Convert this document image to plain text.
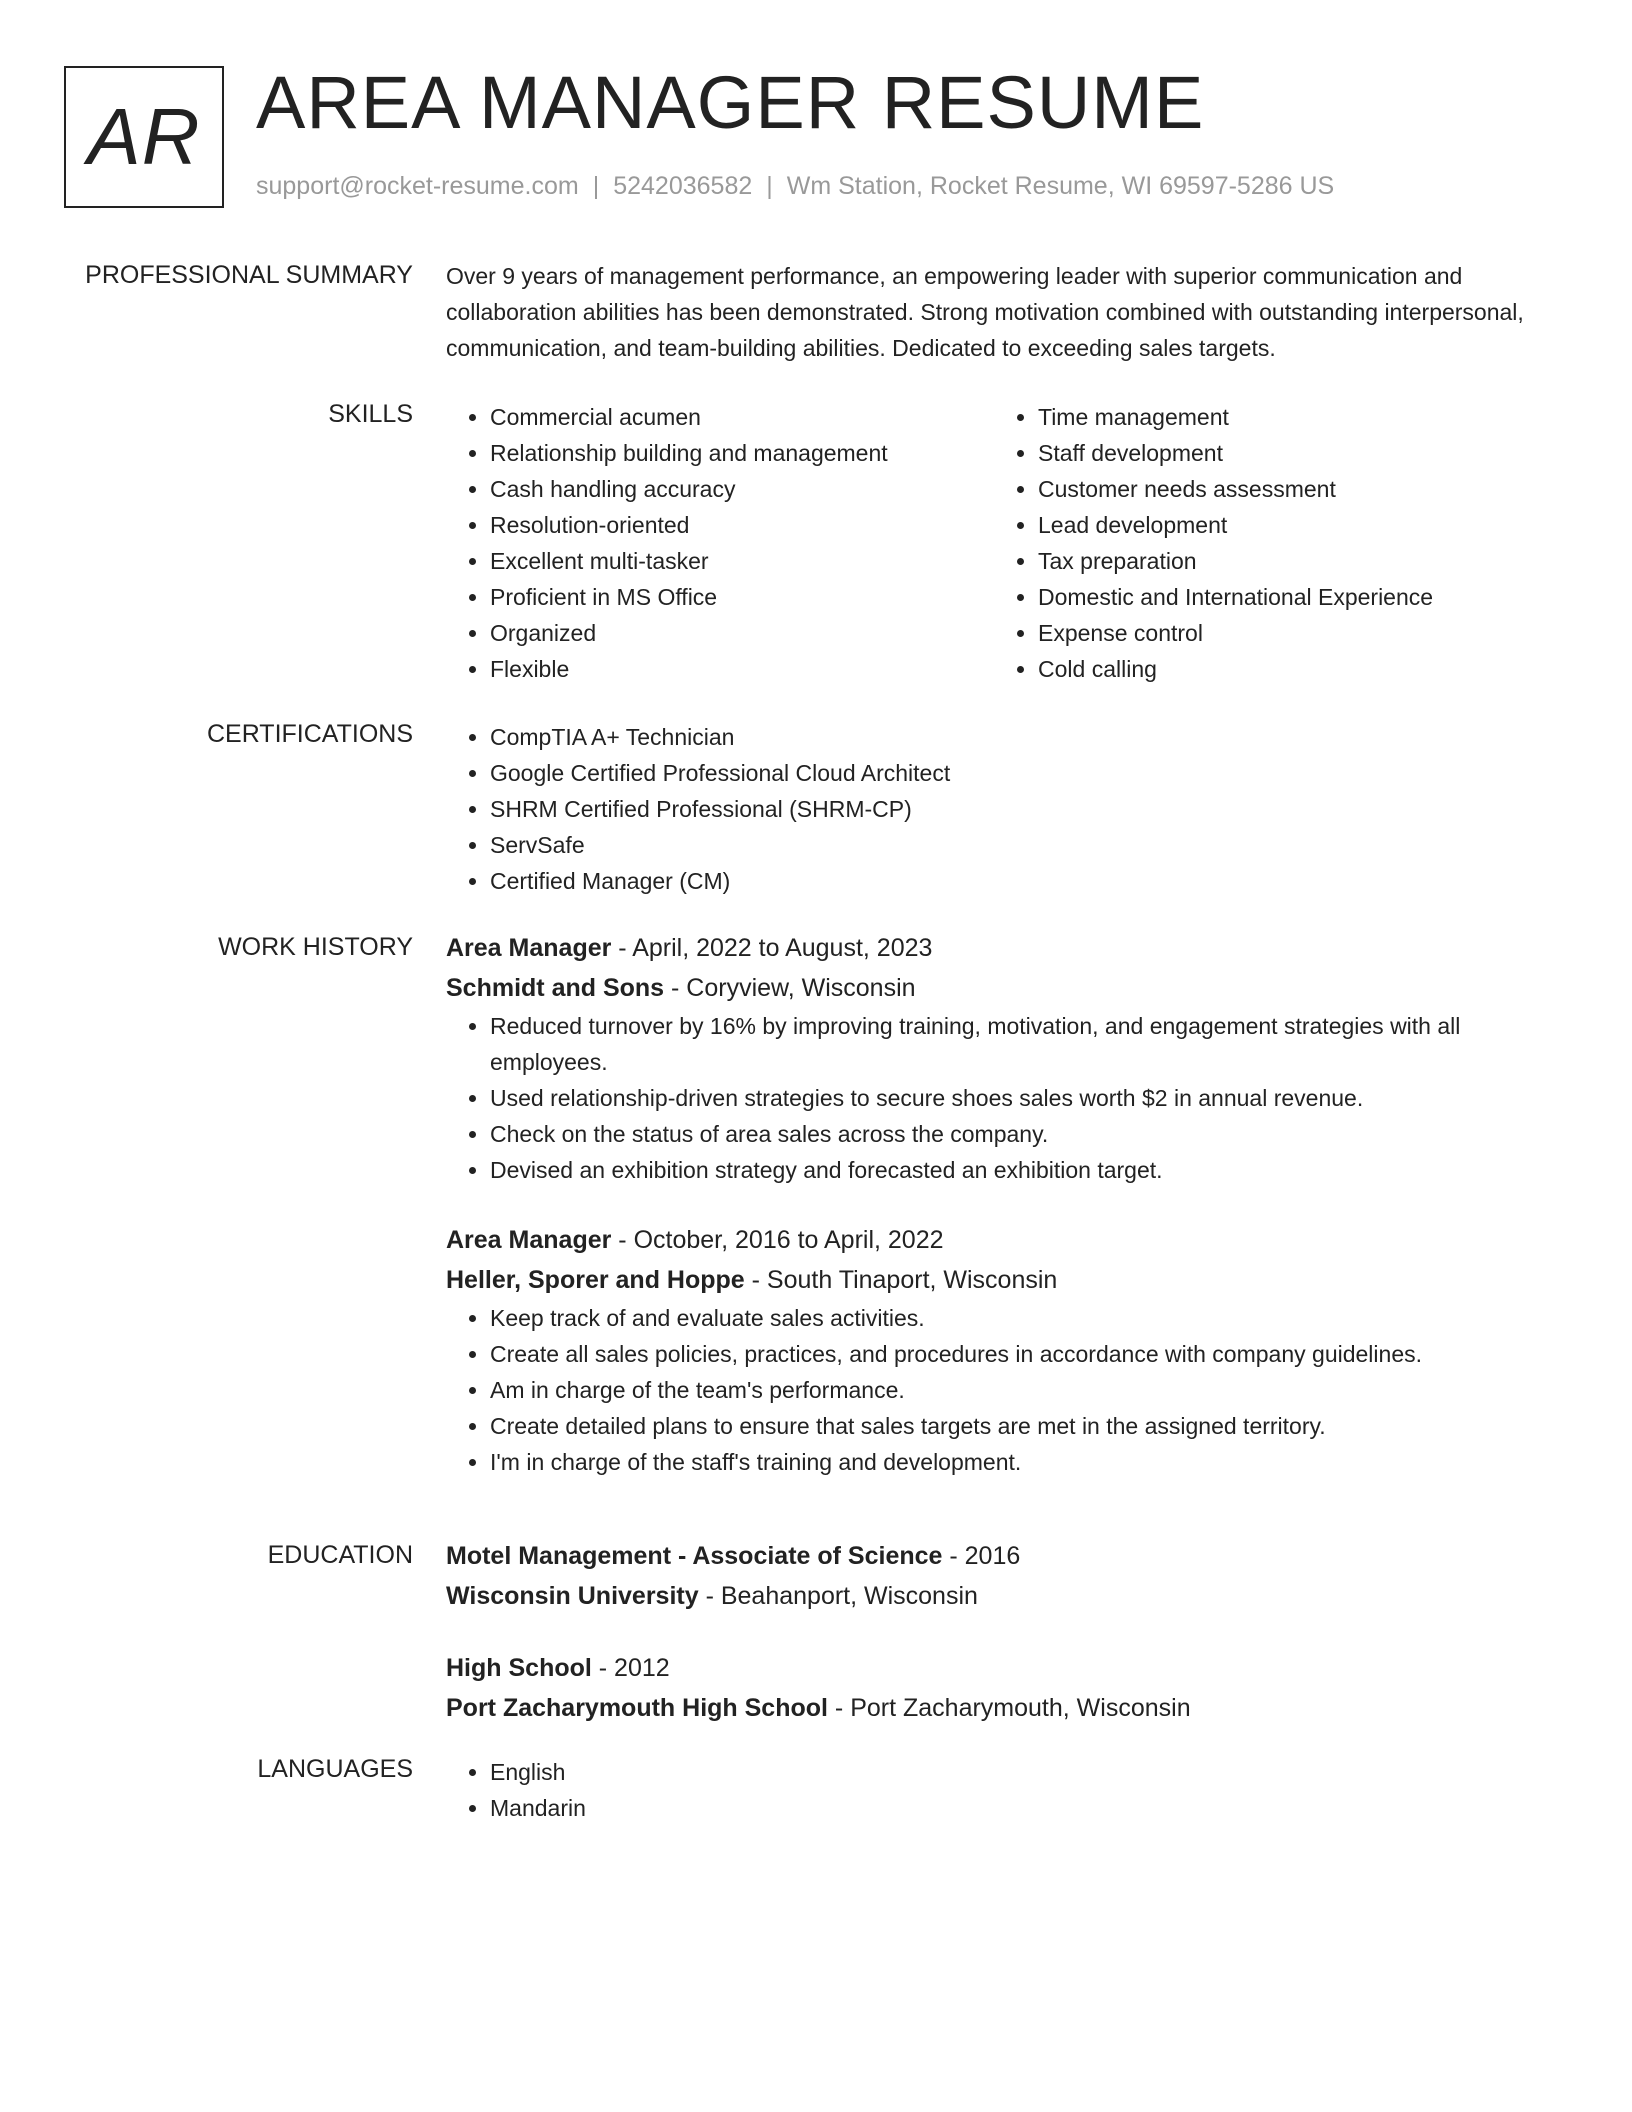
AR AREA MANAGER RESUME
support@rocket-resume.com | 5242036582 | Wm Station, Rocket Resume, WI 69597-5286 US
PROFESSIONAL SUMMARY Over 9 years of management performance, an empowering leader with superior communication and collaboration abilities has been demonstrated. Strong motivation combined with outstanding interpersonal, communication, and team-building abilities. Dedicated to exceeding sales targets.
SKILLS	• Commercial acumen
• Relationship building and management
• Cash handling accuracy
• Resolution-oriented
• Excellent multi-tasker
• Proficient in MS Office
• Organized
• Flexible
• Time management
• Staff development
• Customer needs assessment
• Lead development
• Tax preparation
• Domestic and International Experience
• Expense control
• Cold calling
CERTIFICATIONS	• CompTIA A+ Technician
• Google Certified Professional Cloud Architect
• SHRM Certified Professional (SHRM-CP)
• ServSafe
• Certified Manager (CM)
WORK HISTORY Area Manager - April, 2022 to August, 2023
Schmidt and Sons - Coryview, Wisconsin
• Reduced turnover by 16% by improving training, motivation, and engagement strategies with all employees.
• Used relationship-driven strategies to secure shoes sales worth $2 in annual revenue.
• Check on the status of area sales across the company.
• Devised an exhibition strategy and forecasted an exhibition target.
Area Manager - October, 2016 to April, 2022
Heller, Sporer and Hoppe - South Tinaport, Wisconsin
• Keep track of and evaluate sales activities.
• Create all sales policies, practices, and procedures in accordance with company guidelines.
• Am in charge of the team's performance.
• Create detailed plans to ensure that sales targets are met in the assigned territory.
• I'm in charge of the staff's training and development.
EDUCATION Motel Management - Associate of Science - 2016
Wisconsin University - Beahanport, Wisconsin
High School - 2012
Port Zacharymouth High School - Port Zacharymouth, Wisconsin
LANGUAGES	• English
• Mandarin
